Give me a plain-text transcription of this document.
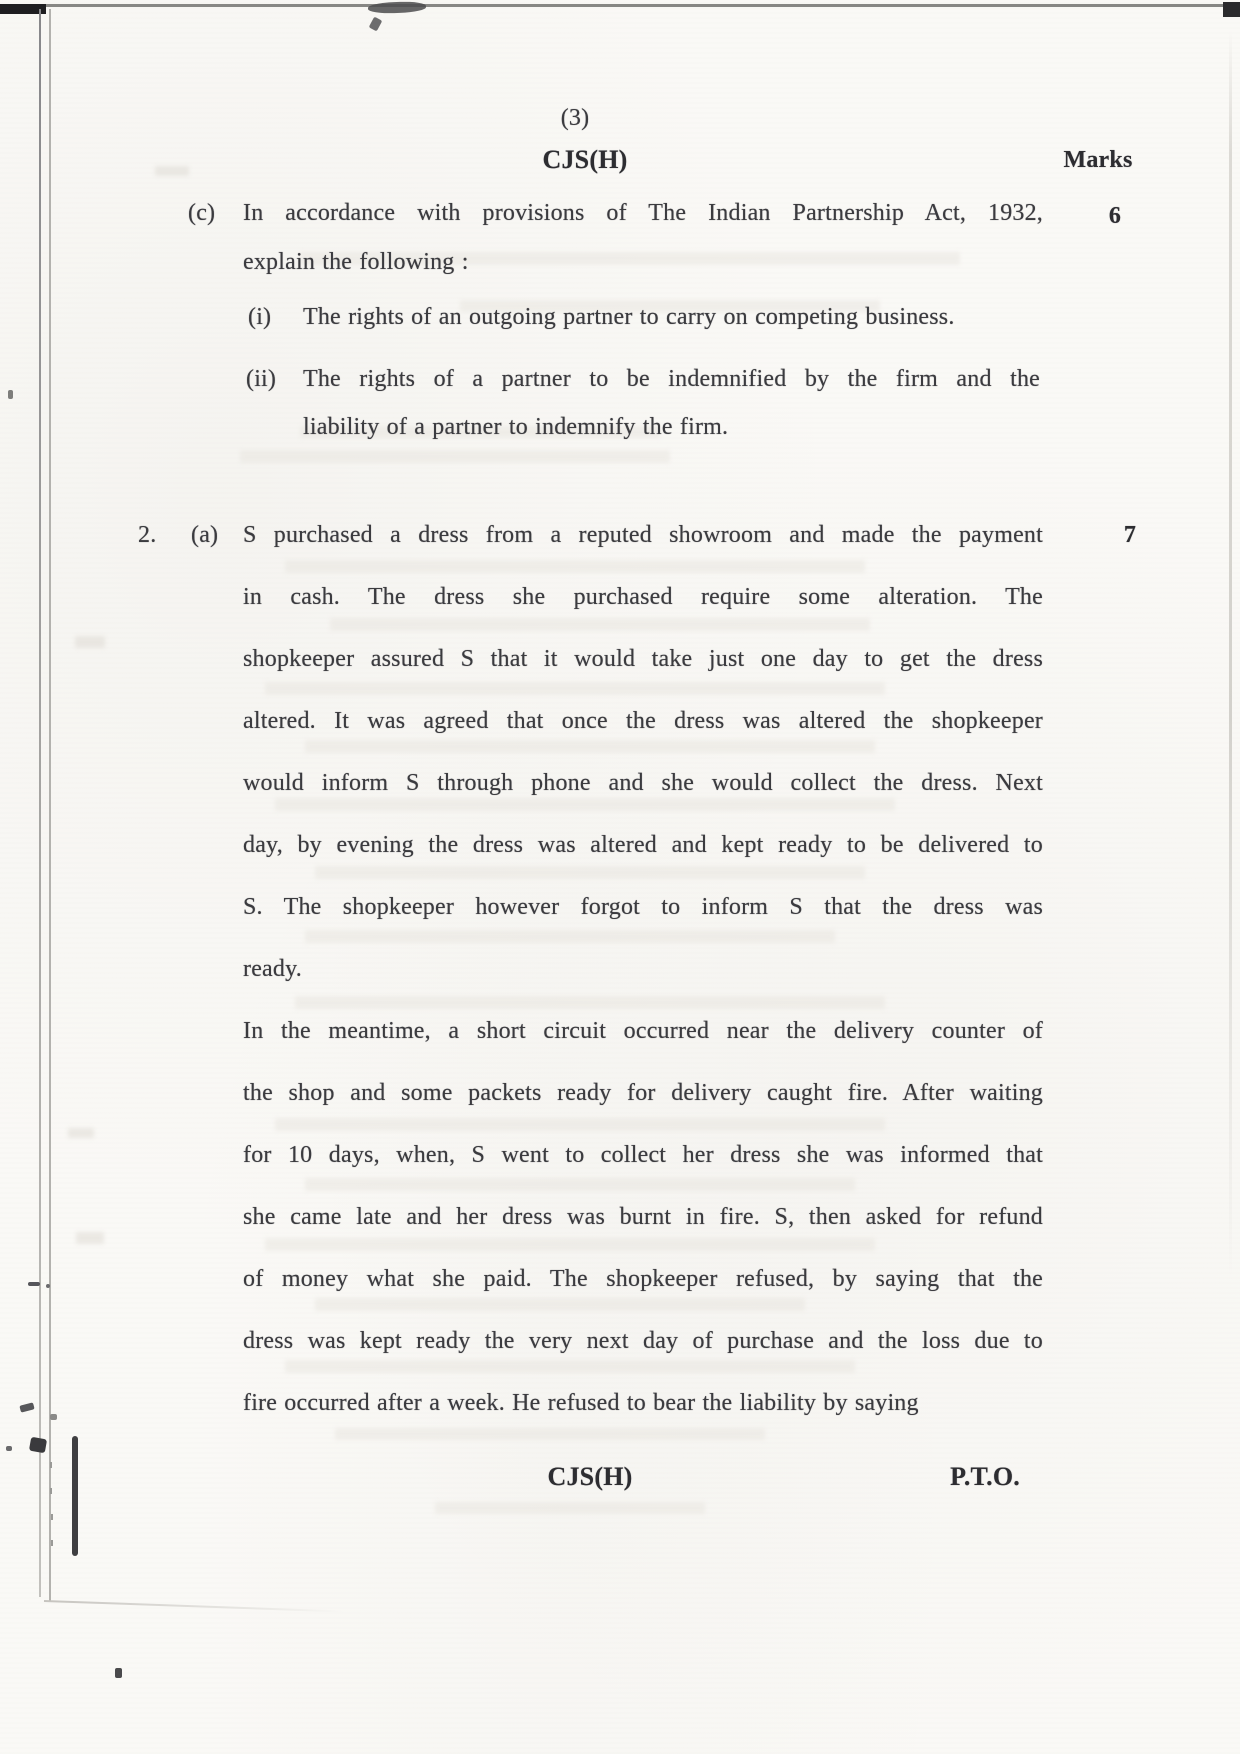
(3)
CJS(H)	Marks
(c) In accordance with provisions of The Indian Partnership Act, 1932,
explain the following :
6
(i) The rights of an outgoing partner to carry on competing business.
(ii) The rights of a partner to be indemnified by the firm and the
liability of a partner to indemnify the firm.
2. (a) S purchased a dress from a reputed showroom and made the payment
in cash. The dress she purchased require some alteration. The
shopkeeper assured S that it would take just one day to get the dress
altered. It was agreed that once the dress was altered the shopkeeper
would inform S through phone and she would collect the dress. Next
day, by evening the dress was altered and kept ready to be delivered to
S. The shopkeeper however forgot to inform S that the dress was
ready.
In the meantime, a short circuit occurred near the delivery counter of
the shop and some packets ready for delivery caught fire. After waiting
for 10 days, when, S went to collect her dress she was informed that
she came late and her dress was burnt in fire. S, then asked for refund
of money what she paid. The shopkeeper refused, by saying that the
dress was kept ready the very next day of purchase and the loss due to
fire occurred after a week. He refused to bear the liability by saying
7
CJS(H)	P.T.O.
